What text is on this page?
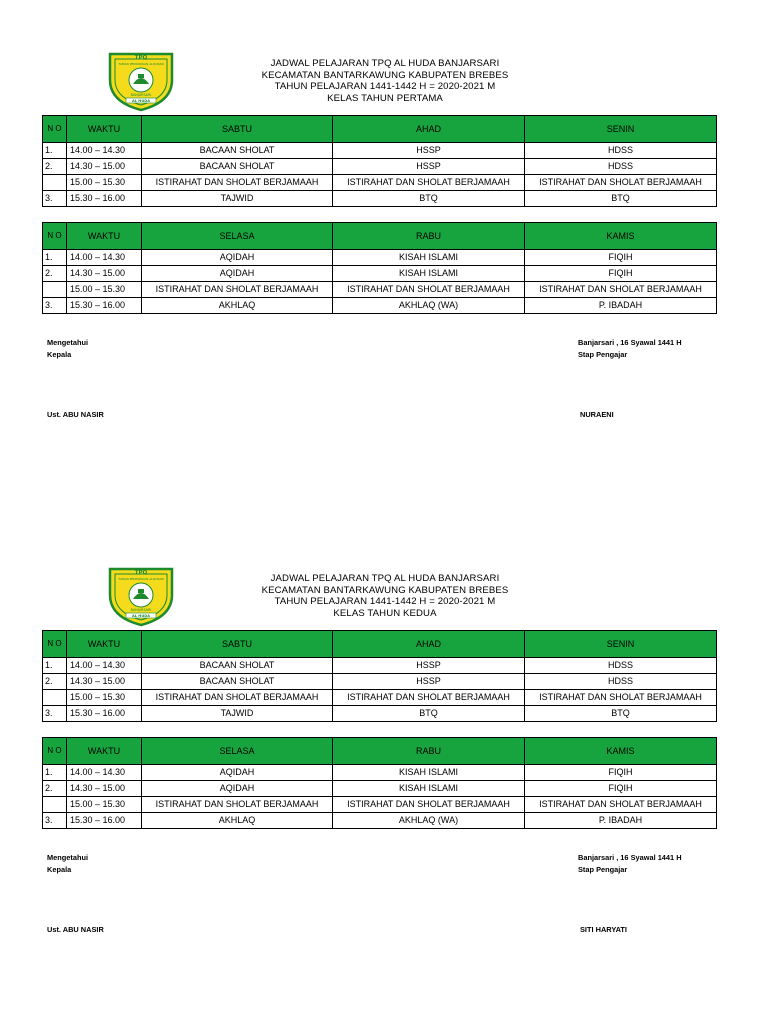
TPQ
TAMAN PENDIDIKAN ALQURAN
BANJARSARI
AL HUDA
JADWAL PELAJARAN TPQ AL HUDA BANJARSARI
KECAMATAN BANTARKAWUNG KABUPATEN BREBES
TAHUN PELAJARAN 1441-1442 H = 2020-2021 M
KELAS TAHUN PERTAMA
N O	WAKTU	SABTU	AHAD	SENIN
1.	14.00 – 14.30	BACAAN SHOLAT	HSSP	HDSS
2.	14.30 – 15.00	BACAAN SHOLAT	HSSP	HDSS
	15.00 – 15.30	ISTIRAHAT DAN SHOLAT BERJAMAAH	ISTIRAHAT DAN SHOLAT BERJAMAAH	ISTIRAHAT DAN SHOLAT BERJAMAAH
3.	15.30 – 16.00	TAJWID	BTQ	BTQ
N O	WAKTU	SELASA	RABU	KAMIS
1.	14.00 – 14.30	AQIDAH	KISAH ISLAMI	FIQIH
2.	14.30 – 15.00	AQIDAH	KISAH ISLAMI	FIQIH
	15.00 – 15.30	ISTIRAHAT DAN SHOLAT BERJAMAAH	ISTIRAHAT DAN SHOLAT BERJAMAAH	ISTIRAHAT DAN SHOLAT BERJAMAAH
3.	15.30 – 16.00	AKHLAQ	AKHLAQ (WA)	P. IBADAH
Mengetahui
Kepala
Ust. ABU NASIR
Banjarsari , 16 Syawal 1441 H
Stap Pengajar
NURAENI
TPQ
TAMAN PENDIDIKAN ALQURAN
BANJARSARI
AL HUDA
JADWAL PELAJARAN TPQ AL HUDA BANJARSARI
KECAMATAN BANTARKAWUNG KABUPATEN BREBES
TAHUN PELAJARAN 1441-1442 H = 2020-2021 M
KELAS TAHUN KEDUA
N O	WAKTU	SABTU	AHAD	SENIN
1.	14.00 – 14.30	BACAAN SHOLAT	HSSP	HDSS
2.	14.30 – 15.00	BACAAN SHOLAT	HSSP	HDSS
	15.00 – 15.30	ISTIRAHAT DAN SHOLAT BERJAMAAH	ISTIRAHAT DAN SHOLAT BERJAMAAH	ISTIRAHAT DAN SHOLAT BERJAMAAH
3.	15.30 – 16.00	TAJWID	BTQ	BTQ
N O	WAKTU	SELASA	RABU	KAMIS
1.	14.00 – 14.30	AQIDAH	KISAH ISLAMI	FIQIH
2.	14.30 – 15.00	AQIDAH	KISAH ISLAMI	FIQIH
	15.00 – 15.30	ISTIRAHAT DAN SHOLAT BERJAMAAH	ISTIRAHAT DAN SHOLAT BERJAMAAH	ISTIRAHAT DAN SHOLAT BERJAMAAH
3.	15.30 – 16.00	AKHLAQ	AKHLAQ (WA)	P. IBADAH
Mengetahui
Kepala
Ust. ABU NASIR
Banjarsari , 16 Syawal 1441 H
Stap Pengajar
SITI HARYATI
